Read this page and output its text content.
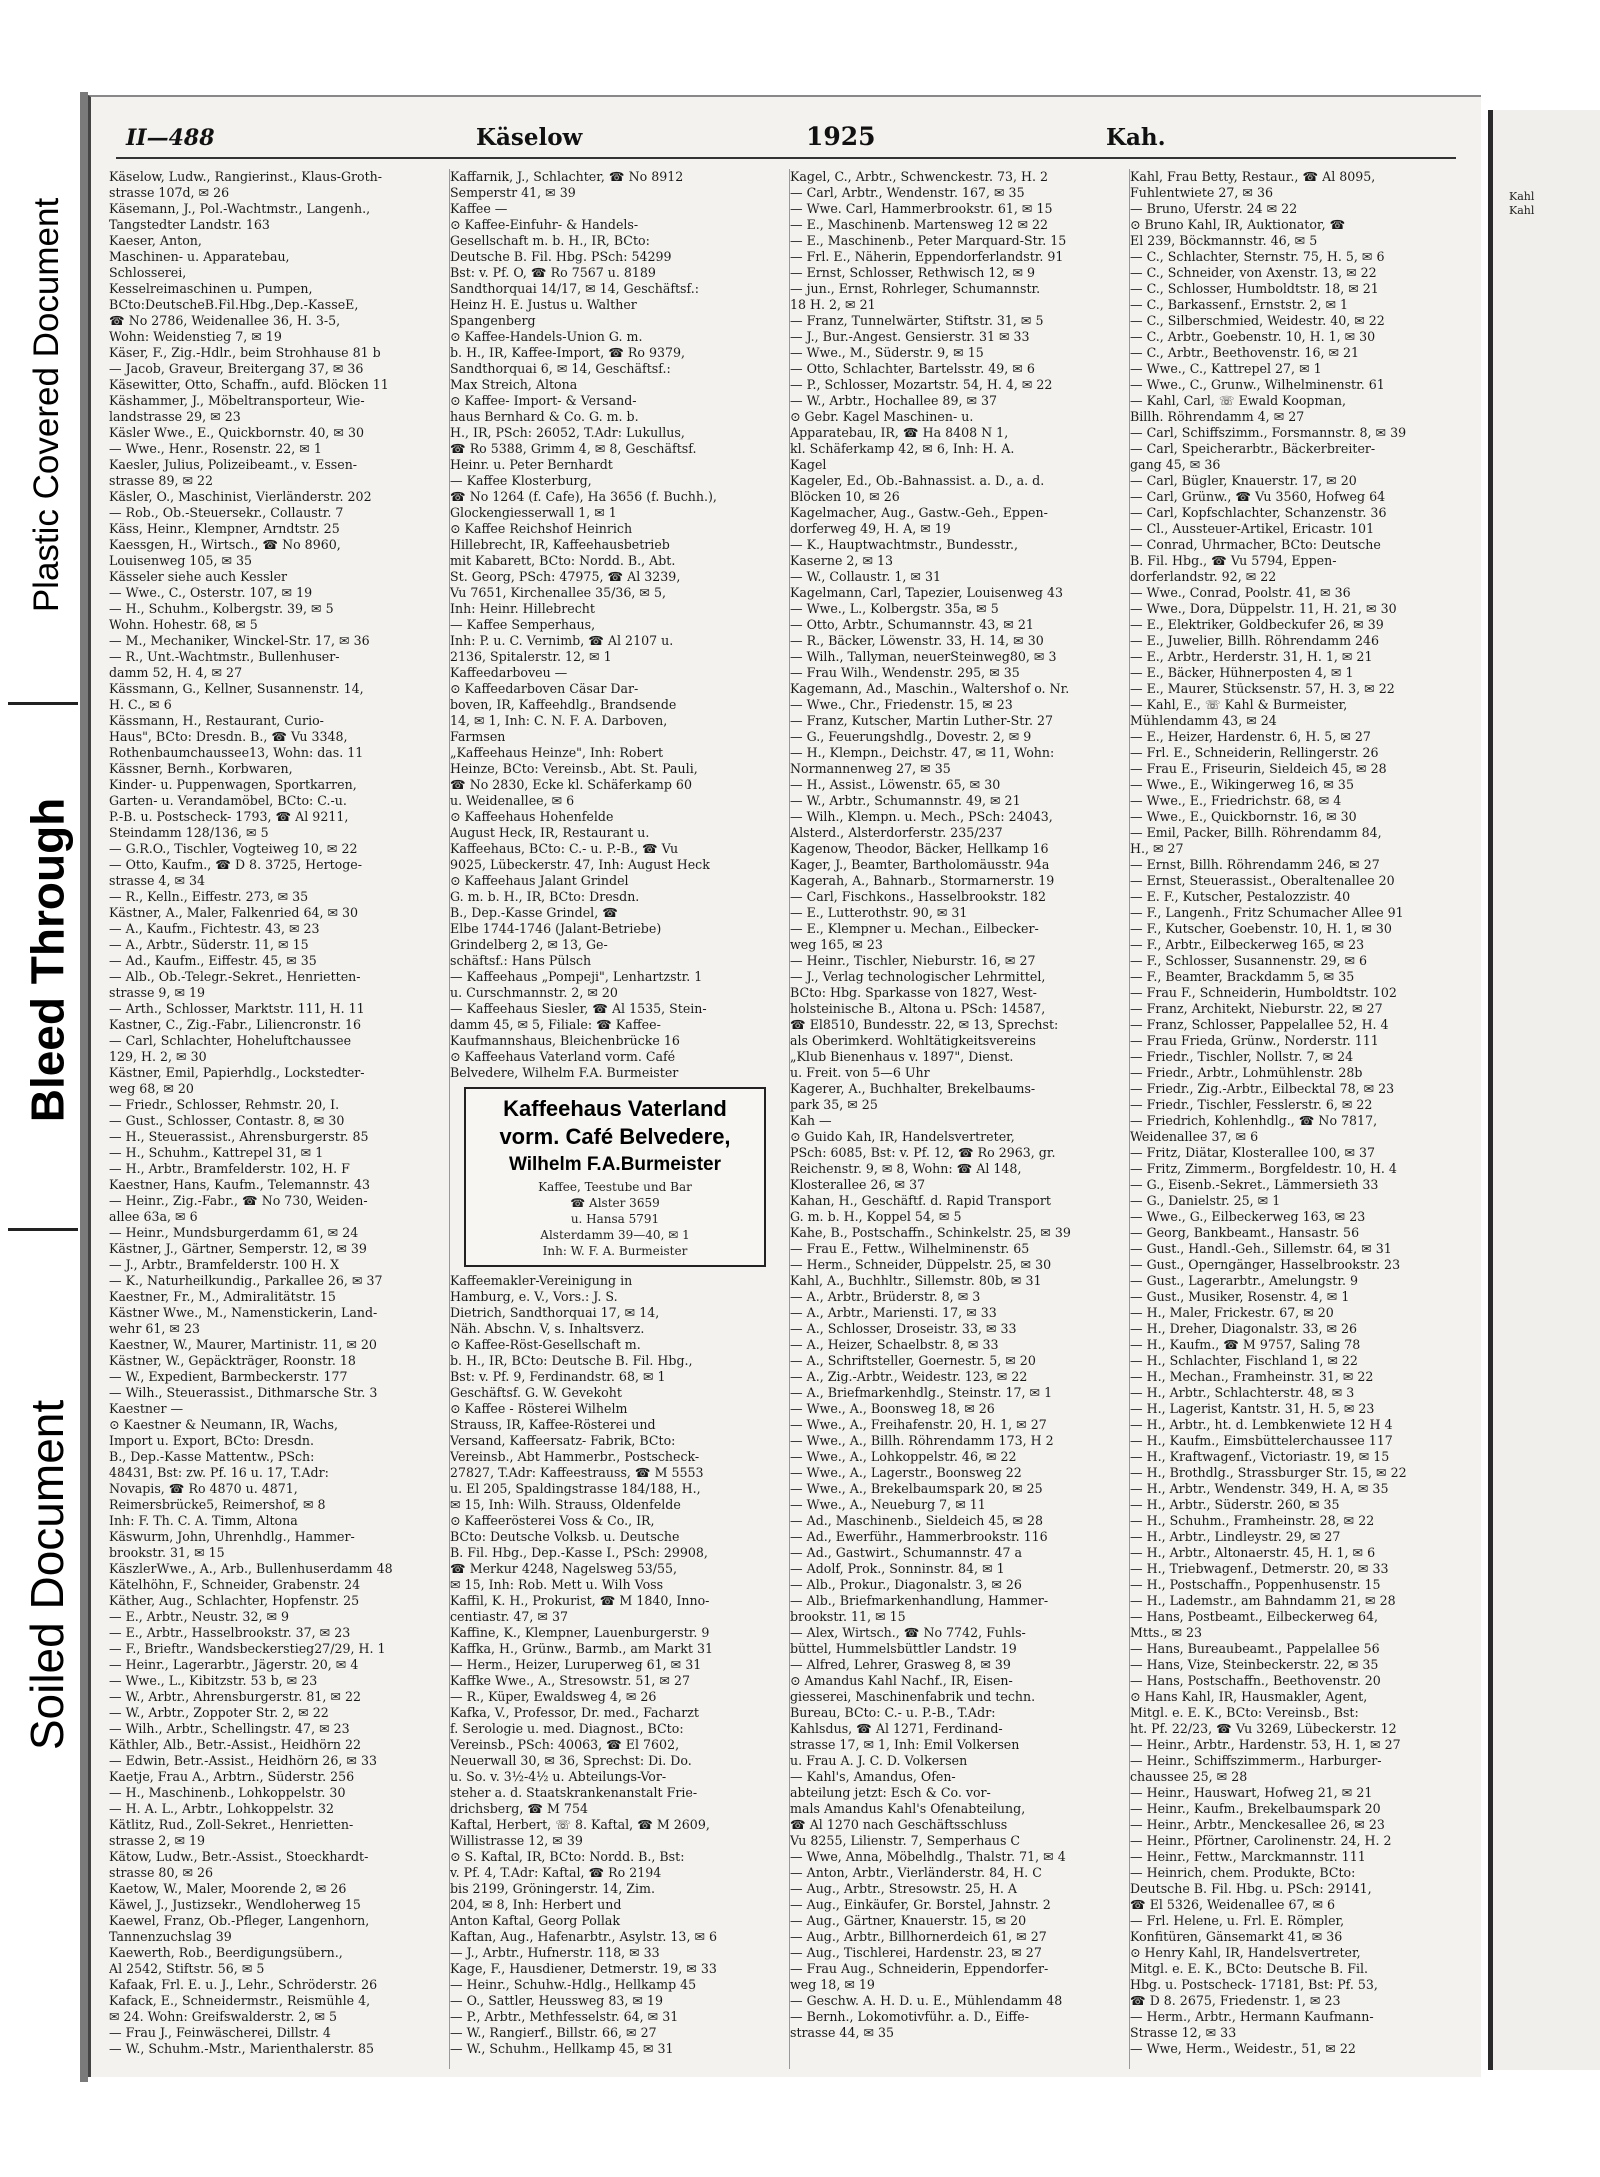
Plastic Covered Document
Bleed Through
Soiled Document
II—488	Käselow	1925	Kah.

Käselow, Ludw., Rangierinst., Klaus-Groth-

strasse 107d, ✉ 26

Käsemann, J., Pol.-Wachtmstr., Langenh.,

Tangstedter Landstr. 163

Kaeser, Anton,

Maschinen- u. Apparatebau,

Schlosserei,

Kesselreimaschinen u. Pumpen,

BCto:DeutscheB.Fil.Hbg.,Dep.-KasseE,

☎ No 2786, Weidenallee 36, H. 3-5,

Wohn: Weidenstieg 7, ✉ 19

Käser, F., Zig.-Hdlr., beim Strohhause 81 b

— Jacob, Graveur, Breitergang 37, ✉ 36

Käsewitter, Otto, Schaffn., aufd. Blöcken 11

Käshammer, J., Möbeltransporteur, Wie-

landstrasse 29, ✉ 23

Käsler Wwe., E., Quickbornstr. 40, ✉ 30

— Wwe., Henr., Rosenstr. 22, ✉ 1

Kaesler, Julius, Polizeibeamt., v. Essen-

strasse 89, ✉ 22

Käsler, O., Maschinist, Vierländerstr. 202

— Rob., Ob.-Steuersekr., Collaustr. 7

Käss, Heinr., Klempner, Arndtstr. 25

Kaessgen, H., Wirtsch., ☎ No 8960,

Louisenweg 105, ✉ 35

Kässeler siehe auch Kessler

— Wwe., C., Osterstr. 107, ✉ 19

— H., Schuhm., Kolbergstr. 39, ✉ 5

Wohn. Hohestr. 68, ✉ 5

— M., Mechaniker, Winckel-Str. 17, ✉ 36

— R., Unt.-Wachtmstr., Bullenhuser-

damm 52, H. 4, ✉ 27

Kässmann, G., Kellner, Susannenstr. 14,

H. C., ✉ 6

Kässmann, H., Restaurant, Curio-

Haus", BCto: Dresdn. B., ☎ Vu 3348,

Rothenbaumchaussee13, Wohn: das. 11

Kässner, Bernh., Korbwaren,

Kinder- u. Puppenwagen, Sportkarren,

Garten- u. Verandamöbel, BCto: C.-u.

P.-B. u. Postscheck- 1793, ☎ Al 9211,

Steindamm 128/136, ✉ 5

— G.R.O., Tischler, Vogteiweg 10, ✉ 22

— Otto, Kaufm., ☎ D 8. 3725, Hertoge-

strasse 4, ✉ 34

— R., Kelln., Eiffestr. 273, ✉ 35

Kästner, A., Maler, Falkenried 64, ✉ 30

— A., Kaufm., Fichtestr. 43, ✉ 23

— A., Arbtr., Süderstr. 11, ✉ 15

— Ad., Kaufm., Eiffestr. 45, ✉ 35

— Alb., Ob.-Telegr.-Sekret., Henrietten-

strasse 9, ✉ 19

— Arth., Schlosser, Marktstr. 111, H. 11

Kastner, C., Zig.-Fabr., Liliencronstr. 16

— Carl, Schlachter, Hoheluftchaussee

129, H. 2, ✉ 30

Kästner, Emil, Papierhdlg., Lockstedter-

weg 68, ✉ 20

— Friedr., Schlosser, Rehmstr. 20, I.

— Gust., Schlosser, Contastr. 8, ✉ 30

— H., Steuerassist., Ahrensburgerstr. 85

— H., Schuhm., Kattrepel 31, ✉ 1

— H., Arbtr., Bramfelderstr. 102, H. F

Kaestner, Hans, Kaufm., Telemannstr. 43

— Heinr., Zig.-Fabr., ☎ No 730, Weiden-

allee 63a, ✉ 6

— Heinr., Mundsburgerdamm 61, ✉ 24

Kästner, J., Gärtner, Semperstr. 12, ✉ 39

— J., Arbtr., Bramfelderstr. 100 H. X

— K., Naturheilkundig., Parkallee 26, ✉ 37

Kaestner, Fr., M., Admiralitätstr. 15

Kästner Wwe., M., Namenstickerin, Land-

wehr 61, ✉ 23

Kaestner, W., Maurer, Martinistr. 11, ✉ 20

Kästner, W., Gepäckträger, Roonstr. 18

— W., Expedient, Barmbeckerstr. 177

— Wilh., Steuerassist., Dithmarsche Str. 3

Kaestner —

⊙ Kaestner & Neumann, IR, Wachs,

Import u. Export, BCto: Dresdn.

B., Dep.-Kasse Mattentw., PSch:

48431, Bst: zw. Pf. 16 u. 17, T.Adr:

Novapis, ☎ Ro 4870 u. 4871,

Reimersbrücke5, Reimershof, ✉ 8

Inh: F. Th. C. A. Timm, Altona

Käswurm, John, Uhrenhdlg., Hammer-

brookstr. 31, ✉ 15

KäszlerWwe., A., Arb., Bullenhuserdamm 48

Kätelhöhn, F., Schneider, Grabenstr. 24

Käther, Aug., Schlachter, Hopfenstr. 25

— E., Arbtr., Neustr. 32, ✉ 9

— E., Arbtr., Hasselbrookstr. 37, ✉ 23

— F., Brieftr., Wandsbeckerstieg27/29, H. 1

— Heinr., Lagerarbtr., Jägerstr. 20, ✉ 4

— Wwe., L., Kibitzstr. 53 b, ✉ 23

— W., Arbtr., Ahrensburgerstr. 81, ✉ 22

— W., Arbtr., Zoppoter Str. 2, ✉ 22

— Wilh., Arbtr., Schellingstr. 47, ✉ 23

Käthler, Alb., Betr.-Assist., Heidhörn 22

— Edwin, Betr.-Assist., Heidhörn 26, ✉ 33

Kaetje, Frau A., Arbtrn., Süderstr. 256

— H., Maschinenb., Lohkoppelstr. 30

— H. A. L., Arbtr., Lohkoppelstr. 32

Kätlitz, Rud., Zoll-Sekret., Henrietten-

strasse 2, ✉ 19

Kätow, Ludw., Betr.-Assist., Stoeckhardt-

strasse 80, ✉ 26

Kaetow, W., Maler, Moorende 2, ✉ 26

Käwel, J., Justizsekr., Wendloherweg 15

Kaewel, Franz, Ob.-Pfleger, Langenhorn,

Tannenzuchslag 39

Kaewerth, Rob., Beerdigungsübern.,

Al 2542, Stiftstr. 56, ✉ 5

Kafaak, Frl. E. u. J., Lehr., Schröderstr. 26

Kafack, E., Schneidermstr., Reismühle 4,

✉ 24. Wohn: Greifswalderstr. 2, ✉ 5

— Frau J., Feinwäscherei, Dillstr. 4

— W., Schuhm.-Mstr., Marienthalerstr. 85

Kaffarnik, J., Schlachter, ☎ No 8912

Semperstr 41, ✉ 39

Kaffee —

⊙ Kaffee-Einfuhr- & Handels-

Gesellschaft m. b. H., IR, BCto:

Deutsche B. Fil. Hbg. PSch: 54299

Bst: v. Pf. O, ☎ Ro 7567 u. 8189

Sandthorquai 14/17, ✉ 14, Geschäftsf.:

Heinz H. E. Justus u. Walther

Spangenberg

⊙ Kaffee-Handels-Union G. m.

b. H., IR, Kaffee-Import, ☎ Ro 9379,

Sandthorquai 6, ✉ 14, Geschäftsf.:

Max Streich, Altona

⊙ Kaffee- Import- & Versand-

haus Bernhard & Co. G. m. b.

H., IR, PSch: 26052, T.Adr: Lukullus,

☎ Ro 5388, Grimm 4, ✉ 8, Geschäftsf.

Heinr. u. Peter Bernhardt

— Kaffee Klosterburg,

☎ No 1264 (f. Cafe), Ha 3656 (f. Buchh.),

Glockengiesserwall 1, ✉ 1

⊙ Kaffee Reichshof Heinrich

Hillebrecht, IR, Kaffeehausbetrieb

mit Kabarett, BCto: Nordd. B., Abt.

St. Georg, PSch: 47975, ☎ Al 3239,

Vu 7651, Kirchenallee 35/36, ✉ 5,

Inh: Heinr. Hillebrecht

— Kaffee Semperhaus,

Inh: P. u. C. Vernimb, ☎ Al 2107 u.

2136, Spitalerstr. 12, ✉ 1

Kaffeedarboveu —

⊙ Kaffeedarboven Cäsar Dar-

boven, IR, Kaffeehdlg., Brandsende

14, ✉ 1, Inh: C. N. F. A. Darboven,

Farmsen

„Kaffeehaus Heinze", Inh: Robert

Heinze, BCto: Vereinsb., Abt. St. Pauli,

☎ No 2830, Ecke kl. Schäferkamp 60

u. Weidenallee, ✉ 6

⊙ Kaffeehaus Hohenfelde

August Heck, IR, Restaurant u.

Kaffeehaus, BCto: C.- u. P.-B., ☎ Vu

9025, Lübeckerstr. 47, Inh: August Heck

⊙ Kaffeehaus Jalant Grindel

G. m. b. H., IR, BCto: Dresdn.

B., Dep.-Kasse Grindel, ☎

Elbe 1744-1746 (Jalant-Betriebe)

Grindelberg 2, ✉ 13, Ge-

schäftsf.: Hans Pülsch

— Kaffeehaus „Pompeji", Lenhartzstr. 1

u. Curschmannstr. 2, ✉ 20

— Kaffeehaus Siesler, ☎ Al 1535, Stein-

damm 45, ✉ 5, Filiale: ☎ Kaffee-

Kaufmannshaus, Bleichenbrücke 16

⊙ Kaffeehaus Vaterland vorm. Café

Belvedere, Wilhelm F.A. Burmeister

Kaffeehaus Vaterland
vorm. Café Belvedere,
Wilhelm F.A.Burmeister
Kaffee, Teestube und Bar
☎ Alster 3659
u. Hansa 5791
Alsterdamm 39—40, ✉ 1
Inh: W. F. A. Burmeister

Kaffeemakler-Vereinigung in

Hamburg, e. V., Vors.: J. S.

Dietrich, Sandthorquai 17, ✉ 14,

Näh. Abschn. V, s. Inhaltsverz.

⊙ Kaffee-Röst-Gesellschaft m.

b. H., IR, BCto: Deutsche B. Fil. Hbg.,

Bst: v. Pf. 9, Ferdinandstr. 68, ✉ 1

Geschäftsf. G. W. Gevekoht

⊙ Kaffee - Rösterei Wilhelm

Strauss, IR, Kaffee-Rösterei und

Versand, Kaffeersatz- Fabrik, BCto:

Vereinsb., Abt Hammerbr., Postscheck-

27827, T.Adr: Kaffeestrauss, ☎ M 5553

u. El 205, Spaldingstrasse 184/188, H.,

✉ 15, Inh: Wilh. Strauss, Oldenfelde

⊙ Kaffeerösterei Voss & Co., IR,

BCto: Deutsche Volksb. u. Deutsche

B. Fil. Hbg., Dep.-Kasse I., PSch: 29908,

☎ Merkur 4248, Nagelsweg 53/55,

✉ 15, Inh: Rob. Mett u. Wilh Voss

Kaffil, K. H., Prokurist, ☎ M 1840, Inno-

centiastr. 47, ✉ 37

Kaffine, K., Klempner, Lauenburgerstr. 9

Kaffka, H., Grünw., Barmb., am Markt 31

— Herm., Heizer, Luruperweg 61, ✉ 31

Kaffke Wwe., A., Stresowstr. 51, ✉ 27

— R., Küper, Ewaldsweg 4, ✉ 26

Kafka, V., Professor, Dr. med., Facharzt

f. Serologie u. med. Diagnost., BCto:

Vereinsb., PSch: 40063, ☎ El 7602,

Neuerwall 30, ✉ 36, Sprechst: Di. Do.

u. So. v. 3½-4½ u. Abteilungs-Vor-

steher a. d. Staatskrankenanstalt Frie-

drichsberg, ☎ M 754

Kaftal, Herbert, ☏ 8. Kaftal, ☎ M 2609,

Willistrasse 12, ✉ 39

⊙ S. Kaftal, IR, BCto: Nordd. B., Bst:

v. Pf. 4, T.Adr: Kaftal, ☎ Ro 2194

bis 2199, Gröningerstr. 14, Zim.

204, ✉ 8, Inh: Herbert und

Anton Kaftal, Georg Pollak

Kaftan, Aug., Hafenarbtr., Asylstr. 13, ✉ 6

— J., Arbtr., Hufnerstr. 118, ✉ 33

Kage, F., Hausdiener, Detmerstr. 19, ✉ 33

— Heinr., Schuhw.-Hdlg., Hellkamp 45

— O., Sattler, Heussweg 83, ✉ 19

— P., Arbtr., Methfesselstr. 64, ✉ 31

— W., Rangierf., Billstr. 66, ✉ 27

— W., Schuhm., Hellkamp 45, ✉ 31

Kagel, C., Arbtr., Schwenckestr. 73, H. 2

— Carl, Arbtr., Wendenstr. 167, ✉ 35

— Wwe. Carl, Hammerbrookstr. 61, ✉ 15

— E., Maschinenb. Martensweg 12 ✉ 22

— E., Maschinenb., Peter Marquard-Str. 15

— Frl. E., Näherin, Eppendorferlandstr. 91

— Ernst, Schlosser, Rethwisch 12, ✉ 9

— jun., Ernst, Rohrleger, Schumannstr.

18 H. 2, ✉ 21

— Franz, Tunnelwärter, Stiftstr. 31, ✉ 5

— J., Bur.-Angest. Gensierstr. 31 ✉ 33

— Wwe., M., Süderstr. 9, ✉ 15

— Otto, Schlachter, Bartelsstr. 49, ✉ 6

— P., Schlosser, Mozartstr. 54, H. 4, ✉ 22

— W., Arbtr., Hochallee 89, ✉ 37

⊙ Gebr. Kagel Maschinen- u.

Apparatebau, IR, ☎ Ha 8408 N 1,

kl. Schäferkamp 42, ✉ 6, Inh: H. A.

Kagel

Kageler, Ed., Ob.-Bahnassist. a. D., a. d.

Blöcken 10, ✉ 26

Kagelmacher, Aug., Gastw.-Geh., Eppen-

dorferweg 49, H. A, ✉ 19

— K., Hauptwachtmstr., Bundesstr.,

Kaserne 2, ✉ 13

— W., Collaustr. 1, ✉ 31

Kagelmann, Carl, Tapezier, Louisenweg 43

— Wwe., L., Kolbergstr. 35a, ✉ 5

— Otto, Arbtr., Schumannstr. 43, ✉ 21

— R., Bäcker, Löwenstr. 33, H. 14, ✉ 30

— Wilh., Tallyman, neuerSteinweg80, ✉ 3

— Frau Wilh., Wendenstr. 295, ✉ 35

Kagemann, Ad., Maschin., Waltershof o. Nr.

— Wwe., Chr., Friedenstr. 15, ✉ 23

— Franz, Kutscher, Martin Luther-Str. 27

— G., Feuerungshdlg., Dovestr. 2, ✉ 9

— H., Klempn., Deichstr. 47, ✉ 11, Wohn:

Normannenweg 27, ✉ 35

— H., Assist., Löwenstr. 65, ✉ 30

— W., Arbtr., Schumannstr. 49, ✉ 21

— Wilh., Klempn. u. Mech., PSch: 24043,

Alsterd., Alsterdorferstr. 235/237

Kagenow, Theodor, Bäcker, Hellkamp 16

Kager, J., Beamter, Bartholomäusstr. 94a

Kagerah, A., Bahnarb., Stormarnerstr. 19

— Carl, Fischkons., Hasselbrookstr. 182

— E., Lutterothstr. 90, ✉ 31

— E., Klempner u. Mechan., Eilbecker-

weg 165, ✉ 23

— Heinr., Tischler, Nieburstr. 16, ✉ 27

— J., Verlag technologischer Lehrmittel,

BCto: Hbg. Sparkasse von 1827, West-

holsteinische B., Altona u. PSch: 14587,

☎ El8510, Bundesstr. 22, ✉ 13, Sprechst:

als Oberimkerd. Wohltätigkeitsvereins

„Klub Bienenhaus v. 1897", Dienst.

u. Freit. von 5—6 Uhr

Kagerer, A., Buchhalter, Brekelbaums-

park 35, ✉ 25

Kah —

⊙ Guido Kah, IR, Handelsvertreter,

PSch: 6085, Bst: v. Pf. 12, ☎ Ro 2963, gr.

Reichenstr. 9, ✉ 8, Wohn: ☎ Al 148,

Klosterallee 26, ✉ 37

Kahan, H., Geschäftf. d. Rapid Transport

G. m. b. H., Koppel 54, ✉ 5

Kahe, B., Postschaffn., Schinkelstr. 25, ✉ 39

— Frau E., Fettw., Wilhelminenstr. 65

— Herm., Schneider, Düppelstr. 25, ✉ 30

Kahl, A., Buchhltr., Sillemstr. 80b, ✉ 31

— A., Arbtr., Brüderstr. 8, ✉ 3

— A., Arbtr., Mariensti. 17, ✉ 33

— A., Schlosser, Droseistr. 33, ✉ 33

— A., Heizer, Schaelbstr. 8, ✉ 33

— A., Schriftsteller, Goernestr. 5, ✉ 20

— A., Zig.-Arbtr., Weidestr. 123, ✉ 22

— A., Briefmarkenhdlg., Steinstr. 17, ✉ 1

— Wwe., A., Boonsweg 18, ✉ 26

— Wwe., A., Freihafenstr. 20, H. 1, ✉ 27

— Wwe., A., Billh. Röhrendamm 173, H 2

— Wwe., A., Lohkoppelstr. 46, ✉ 22

— Wwe., A., Lagerstr., Boonsweg 22

— Wwe., A., Brekelbaumspark 20, ✉ 25

— Wwe., A., Neueburg 7, ✉ 11

— Ad., Maschinenb., Sieldeich 45, ✉ 28

— Ad., Ewerführ., Hammerbrookstr. 116

— Ad., Gastwirt., Schumannstr. 47 a

— Adolf, Prok., Sonninstr. 84, ✉ 1

— Alb., Prokur., Diagonalstr. 3, ✉ 26

— Alb., Briefmarkenhandlung, Hammer-

brookstr. 11, ✉ 15

— Alex, Wirtsch., ☎ No 7742, Fuhls-

büttel, Hummelsbüttler Landstr. 19

— Alfred, Lehrer, Grasweg 8, ✉ 39

⊙ Amandus Kahl Nachf., IR, Eisen-

giesserei, Maschinenfabrik und techn.

Bureau, BCto: C.- u. P.-B., T.Adr:

Kahlsdus, ☎ Al 1271, Ferdinand-

strasse 17, ✉ 1, Inh: Emil Volkersen

u. Frau A. J. C. D. Volkersen

— Kahl's, Amandus, Ofen-

abteilung jetzt: Esch & Co. vor-

mals Amandus Kahl's Ofenabteilung,

☎ Al 1270 nach Geschäftsschluss

Vu 8255, Lilienstr. 7, Semperhaus C

— Wwe, Anna, Möbelhdlg., Thalstr. 71, ✉ 4

— Anton, Arbtr., Vierländerstr. 84, H. C

— Aug., Arbtr., Stresowstr. 25, H. A

— Aug., Einkäufer, Gr. Borstel, Jahnstr. 2

— Aug., Gärtner, Knauerstr. 15, ✉ 20

— Aug., Arbtr., Billhornerdeich 61, ✉ 27

— Aug., Tischlerei, Hardenstr. 23, ✉ 27

— Frau Aug., Schneiderin, Eppendorfer-

weg 18, ✉ 19

— Geschw. A. H. D. u. E., Mühlendamm 48

— Bernh., Lokomotivführ. a. D., Eiffe-

strasse 44, ✉ 35

Kahl, Frau Betty, Restaur., ☎ Al 8095,

Fuhlentwiete 27, ✉ 36

— Bruno, Uferstr. 24 ✉ 22

⊙ Bruno Kahl, IR, Auktionator, ☎

El 239, Böckmannstr. 46, ✉ 5

— C., Schlachter, Sternstr. 75, H. 5, ✉ 6

— C., Schneider, von Axenstr. 13, ✉ 22

— C., Schlosser, Humboldtstr. 18, ✉ 21

— C., Barkassenf., Ernststr. 2, ✉ 1

— C., Silberschmied, Weidestr. 40, ✉ 22

— C., Arbtr., Goebenstr. 10, H. 1, ✉ 30

— C., Arbtr., Beethovenstr. 16, ✉ 21

— Wwe., C., Kattrepel 27, ✉ 1

— Wwe., C., Grunw., Wilhelminenstr. 61

— Kahl, Carl, ☏ Ewald Koopman,

Billh. Röhrendamm 4, ✉ 27

— Carl, Schiffszimm., Forsmannstr. 8, ✉ 39

— Carl, Speicherarbtr., Bäckerbreiter-

gang 45, ✉ 36

— Carl, Bügler, Knauerstr. 17, ✉ 20

— Carl, Grünw., ☎ Vu 3560, Hofweg 64

— Carl, Kopfschlachter, Schanzenstr. 36

— Cl., Aussteuer-Artikel, Ericastr. 101

— Conrad, Uhrmacher, BCto: Deutsche

B. Fil. Hbg., ☎ Vu 5794, Eppen-

dorferlandstr. 92, ✉ 22

— Wwe., Conrad, Poolstr. 41, ✉ 36

— Wwe., Dora, Düppelstr. 11, H. 21, ✉ 30

— E., Elektriker, Goldbeckufer 26, ✉ 39

— E., Juwelier, Billh. Röhrendamm 246

— E., Arbtr., Herderstr. 31, H. 1, ✉ 21

— E., Bäcker, Hühnerposten 4, ✉ 1

— E., Maurer, Stücksenstr. 57, H. 3, ✉ 22

— Kahl, E., ☏ Kahl & Burmeister,

Mühlendamm 43, ✉ 24

— E., Heizer, Hardenstr. 6, H. 5, ✉ 27

— Frl. E., Schneiderin, Rellingerstr. 26

— Frau E., Friseurin, Sieldeich 45, ✉ 28

— Wwe., E., Wikingerweg 16, ✉ 35

— Wwe., E., Friedrichstr. 68, ✉ 4

— Wwe., E., Quickbornstr. 16, ✉ 30

— Emil, Packer, Billh. Röhrendamm 84,

H., ✉ 27

— Ernst, Billh. Röhrendamm 246, ✉ 27

— Ernst, Steuerassist., Oberaltenallee 20

— E. F., Kutscher, Pestalozzistr. 40

— F., Langenh., Fritz Schumacher Allee 91

— F., Kutscher, Goebenstr. 10, H. 1, ✉ 30

— F., Arbtr., Eilbeckerweg 165, ✉ 23

— F., Schlosser, Susannenstr. 29, ✉ 6

— F., Beamter, Brackdamm 5, ✉ 35

— Frau F., Schneiderin, Humboldtstr. 102

— Franz, Architekt, Nieburstr. 22, ✉ 27

— Franz, Schlosser, Pappelallee 52, H. 4

— Frau Frieda, Grünw., Norderstr. 111

— Friedr., Tischler, Nollstr. 7, ✉ 24

— Friedr., Arbtr., Lohmühlenstr. 28b

— Friedr., Zig.-Arbtr., Eilbecktal 78, ✉ 23

— Friedr., Tischler, Fesslerstr. 6, ✉ 22

— Friedrich, Kohlenhdlg., ☎ No 7817,

Weidenallee 37, ✉ 6

— Fritz, Diätar, Klosterallee 100, ✉ 37

— Fritz, Zimmerm., Borgfeldestr. 10, H. 4

— G., Eisenb.-Sekret., Lämmersieth 33

— G., Danielstr. 25, ✉ 1

— Wwe., G., Eilbeckerweg 163, ✉ 23

— Georg, Bankbeamt., Hansastr. 56

— Gust., Handl.-Geh., Sillemstr. 64, ✉ 31

— Gust., Operngänger, Hasselbrookstr. 23

— Gust., Lagerarbtr., Amelungstr. 9

— Gust., Musiker, Rosenstr. 4, ✉ 1

— H., Maler, Frickestr. 67, ✉ 20

— H., Dreher, Diagonalstr. 33, ✉ 26

— H., Kaufm., ☎ M 9757, Saling 78

— H., Schlachter, Fischland 1, ✉ 22

— H., Mechan., Framheinstr. 31, ✉ 22

— H., Arbtr., Schlachterstr. 48, ✉ 3

— H., Lagerist, Kantstr. 31, H. 5, ✉ 23

— H., Arbtr., ht. d. Lembkenwiete 12 H 4

— H., Kaufm., Eimsbüttelerchaussee 117

— H., Kraftwagenf., Victoriastr. 19, ✉ 15

— H., Brothdlg., Strassburger Str. 15, ✉ 22

— H., Arbtr., Wendenstr. 349, H. A, ✉ 35

— H., Arbtr., Süderstr. 260, ✉ 35

— H., Schuhm., Framheinstr. 28, ✉ 22

— H., Arbtr., Lindleystr. 29, ✉ 27

— H., Arbtr., Altonaerstr. 45, H. 1, ✉ 6

— H., Triebwagenf., Detmerstr. 20, ✉ 33

— H., Postschaffn., Poppenhusenstr. 15

— H., Lademstr., am Bahndamm 21, ✉ 28

— Hans, Postbeamt., Eilbeckerweg 64,

Mtts., ✉ 23

— Hans, Bureaubeamt., Pappelallee 56

— Hans, Vize, Steinbeckerstr. 22, ✉ 35

— Hans, Postschaffn., Beethovenstr. 20

⊙ Hans Kahl, IR, Hausmakler, Agent,

Mitgl. e. E. K., BCto: Vereinsb., Bst:

ht. Pf. 22/23, ☎ Vu 3269, Lübeckerstr. 12

— Heinr., Arbtr., Hardenstr. 53, H. 1, ✉ 27

— Heinr., Schiffszimmerm., Harburger-

chaussee 25, ✉ 28

— Heinr., Hauswart, Hofweg 21, ✉ 21

— Heinr., Kaufm., Brekelbaumspark 20

— Heinr., Arbtr., Menckesallee 26, ✉ 23

— Heinr., Pförtner, Carolinenstr. 24, H. 2

— Heinr., Fettw., Marckmannstr. 111

— Heinrich, chem. Produkte, BCto:

Deutsche B. Fil. Hbg. u. PSch: 29141,

☎ El 5326, Weidenallee 67, ✉ 6

— Frl. Helene, u. Frl. E. Römpler,

Konfitüren, Gänsemarkt 41, ✉ 36

⊙ Henry Kahl, IR, Handelsvertreter,

Mitgl. e. E. K., BCto: Deutsche B. Fil.

Hbg. u. Postscheck- 17181, Bst: Pf. 53,

☎ D 8. 2675, Friedenstr. 1, ✉ 23

— Herm., Arbtr., Hermann Kaufmann-

Strasse 12, ✉ 33

— Wwe, Herm., Weidestr., 51, ✉ 22

Kahl
Kahl
